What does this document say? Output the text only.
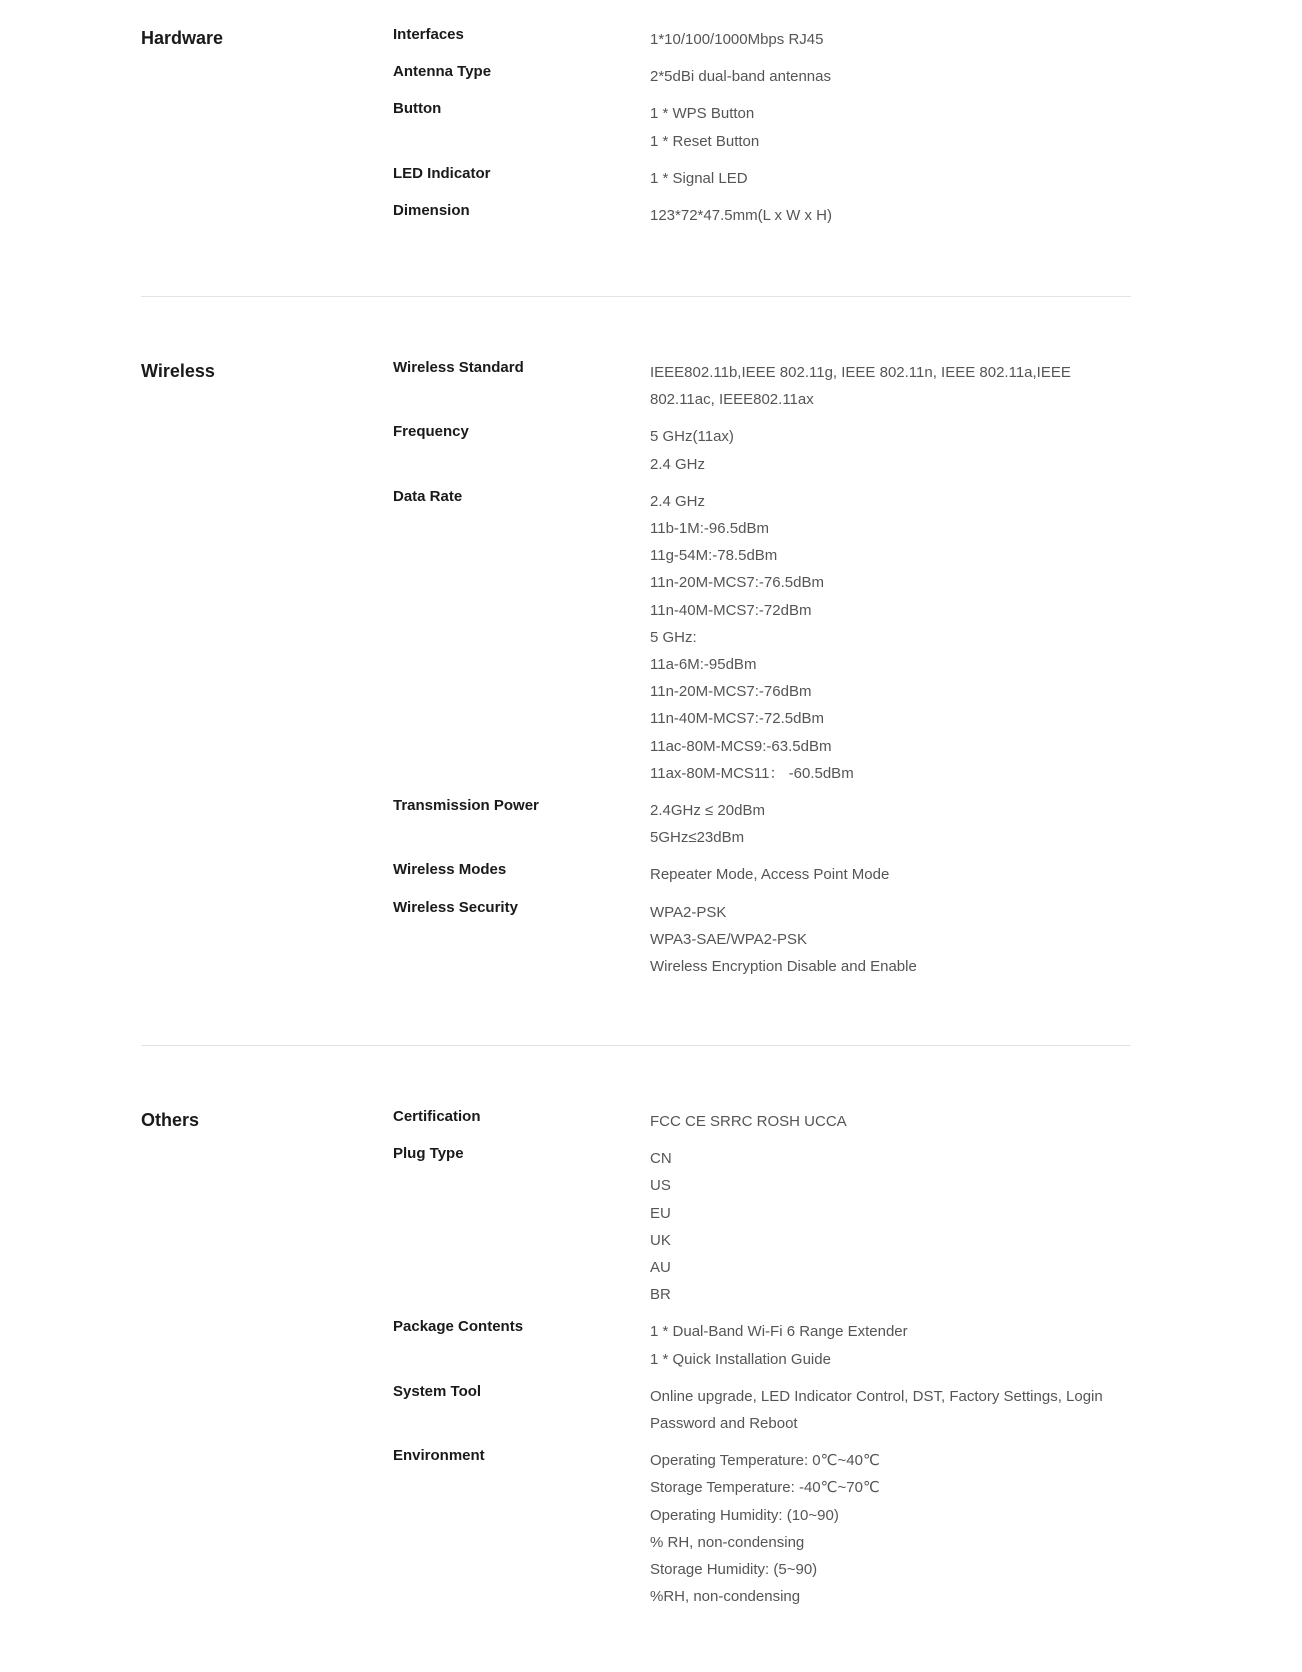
Hardware	Interfaces	1*10/100/1000Mbps RJ45
Antenna Type	2*5dBi dual-band antennas
Button	1 * WPS Button
1 * Reset Button
LED Indicator	1 * Signal LED
Dimension	123*72*47.5mm(L x W x H)
Wireless	Wireless Standard	IEEE802.11b,IEEE 802.11g, IEEE 802.11n, IEEE 802.11a,IEEE 802.11ac, IEEE802.11ax
Frequency	5 GHz(11ax)
2.4 GHz
Data Rate	2.4 GHz
11b-1M:-96.5dBm
11g-54M:-78.5dBm
11n-20M-MCS7:-76.5dBm
11n-40M-MCS7:-72dBm
5 GHz:
11a-6M:-95dBm
11n-20M-MCS7:-76dBm
11n-40M-MCS7:-72.5dBm
11ac-80M-MCS9:-63.5dBm
11ax-80M-MCS11： -60.5dBm
Transmission Power	2.4GHz ≤ 20dBm
5GHz≤23dBm
Wireless Modes	Repeater Mode, Access Point Mode
Wireless Security	WPA2-PSK
WPA3-SAE/WPA2-PSK
Wireless Encryption Disable and Enable
Others	Certification	FCC CE SRRC ROSH UCCA
Plug Type	CN
US
EU
UK
AU
BR
Package Contents	1 * Dual-Band Wi-Fi 6 Range Extender
1 * Quick Installation Guide
System Tool	Online upgrade, LED Indicator Control, DST, Factory Settings, Login Password and Reboot
Environment	Operating Temperature: 0℃~40℃
Storage Temperature: -40℃~70℃
Operating Humidity: (10~90)
% RH, non-condensing
Storage Humidity: (5~90)
%RH, non-condensing
